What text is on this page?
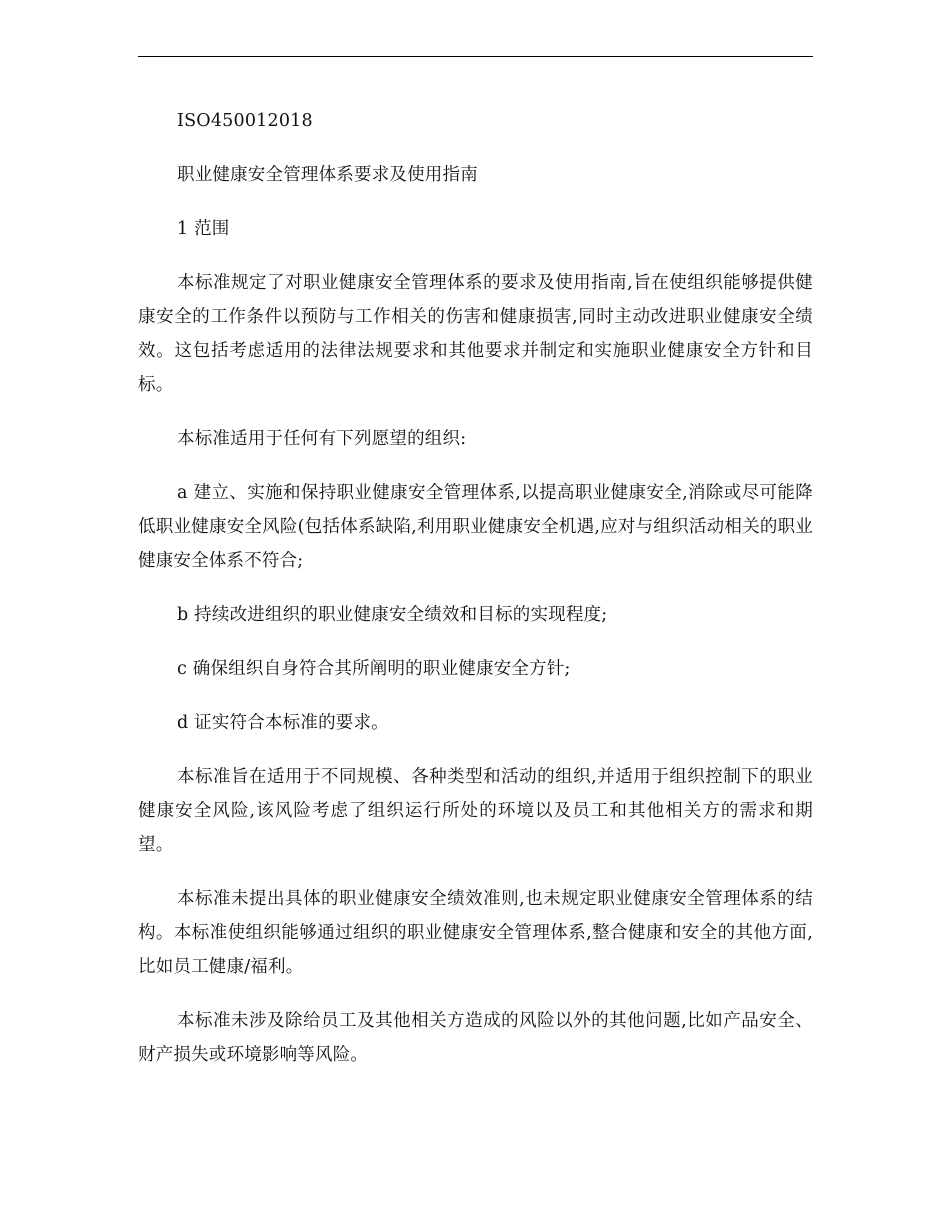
ISO450012018

职业健康安全管理体系要求及使用指南

1 范围

本标准规定了对职业健康安全管理体系的要求及使用指南,旨在使组织能够提供健康安全的工作条件以预防与工作相关的伤害和健康损害,同时主动改进职业健康安全绩效。这包括考虑适用的法律法规要求和其他要求并制定和实施职业健康安全方针和目标。

本标准适用于任何有下列愿望的组织:

a 建立、实施和保持职业健康安全管理体系,以提高职业健康安全,消除或尽可能降低职业健康安全风险(包括体系缺陷,利用职业健康安全机遇,应对与组织活动相关的职业健康安全体系不符合;

b 持续改进组织的职业健康安全绩效和目标的实现程度;

c 确保组织自身符合其所阐明的职业健康安全方针;

d 证实符合本标准的要求。

本标准旨在适用于不同规模、各种类型和活动的组织,并适用于组织控制下的职业健康安全风险,该风险考虑了组织运行所处的环境以及员工和其他相关方的需求和期望。

本标准未提出具体的职业健康安全绩效准则,也未规定职业健康安全管理体系的结构。本标准使组织能够通过组织的职业健康安全管理体系,整合健康和安全的其他方面,比如员工健康/福利。

本标准未涉及除给员工及其他相关方造成的风险以外的其他问题,比如产品安全、财产损失或环境影响等风险。
